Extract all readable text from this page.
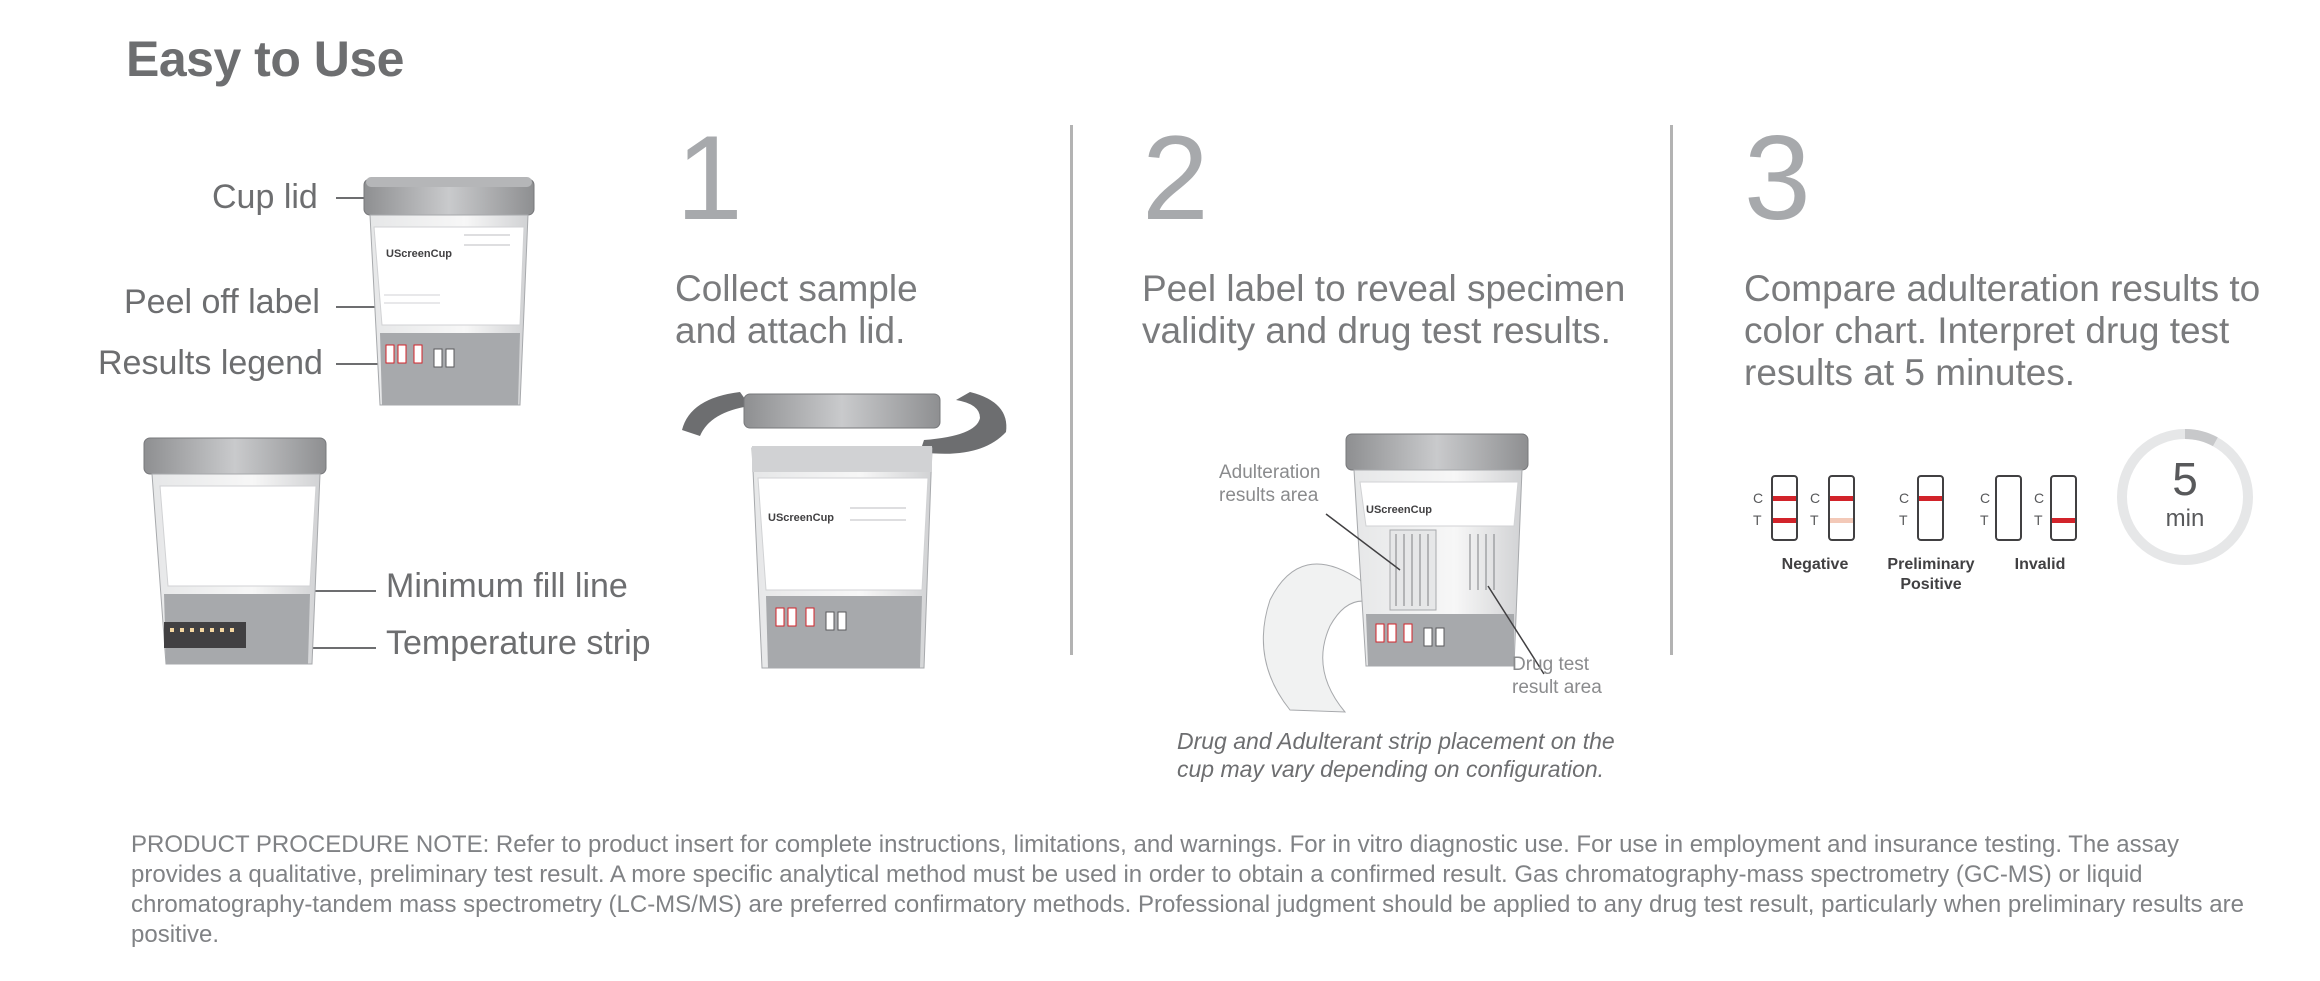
Easy to Use
Cup lid
Peel off label
Results legend
Minimum fill line
Temperature strip
UScreenCup
1
Collect sample and attach lid.
UScreenCup
2
Peel label to reveal specimen validity and drug test results.
UScreenCup
Adulteration results area
Drug test result area
Drug and Adulterant strip placement on the cup may vary depending on configuration.
3
Compare adulteration results to color chart. Interpret drug test results at 5 minutes.
C
T
C
T
Negative
C
T
Preliminary Positive
C
T
C
T
Invalid
5
min
PRODUCT PROCEDURE NOTE: Refer to product insert for complete instructions, limitations, and warnings. For in vitro diagnostic use. For use in employment and insurance testing. The assay provides a qualitative, preliminary test result. A more specific analytical method must be used in order to obtain a confirmed result. Gas chromatography-mass spectrometry (GC-MS) or liquid chromatography-tandem mass spectrometry (LC-MS/MS) are preferred confirmatory methods. Professional judgment should be applied to any drug test result, particularly when preliminary results are positive.
